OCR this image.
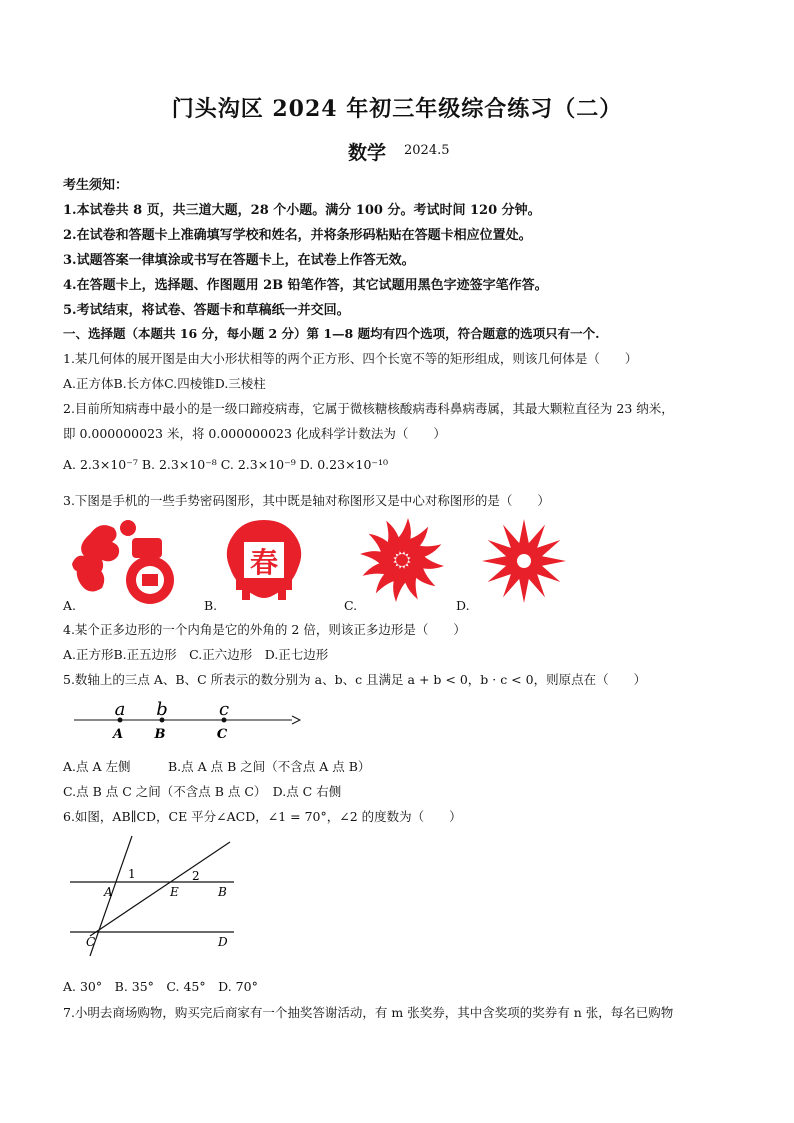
门头沟区 2024 年初三年级综合练习（二）
数学 2024.5
考生须知：
1.本试卷共 8 页，共三道大题，28 个小题。满分 100 分。考试时间 120 分钟。
2.在试卷和答题卡上准确填写学校和姓名，并将条形码粘贴在答题卡相应位置处。
3.试题答案一律填涂或书写在答题卡上，在试卷上作答无效。
4.在答题卡上，选择题、作图题用 2B 铅笔作答，其它试题用黑色字迹签字笔作答。
5.考试结束，将试卷、答题卡和草稿纸一并交回。
一、选择题（本题共 16 分，每小题 2 分）第 1—8 题均有四个选项，符合题意的选项只有一个.
1.某几何体的展开图是由大小形状相等的两个正方形、四个长宽不等的矩形组成，则该几何体是（　　）
A.正方体B.长方体C.四棱锥D.三棱柱
2.目前所知病毒中最小的是一级口蹄疫病毒，它属于微核糖核酸病毒科鼻病毒属，其最大颗粒直径为 23 纳米，
即 0.000000023 米，将 0.000000023 化成科学计数法为（　　）
A. 2.3×10⁻⁷ B. 2.3×10⁻⁸ C. 2.3×10⁻⁹ D. 0.23×10⁻¹⁰
3.下图是手机的一些手势密码图形，其中既是轴对称图形又是中心对称图形的是（　　）
春
A.	B.	C.	D.
4.某个正多边形的一个内角是它的外角的 2 倍，则该正多边形是（　　）
A.正方形B.正五边形　C.正六边形　D.正七边形
5.数轴上的三点 A、B、C 所表示的数分别为 a、b、c 且满足 a + b < 0，b · c < 0，则原点在（　　）
a b	c
A B	C
A.点 A 左侧　　　B.点 A 点 B 之间（不含点 A 点 B）
C.点 B 点 C 之间（不含点 B 点 C）　D.点 C 右侧
6.如图，AB∥CD，CE 平分∠ACD，∠1 = 70°，∠2 的度数为（　　）
1	2
A	E	B
C	D
A. 30°　B. 35°　C. 45°　D. 70°
7.小明去商场购物，购买完后商家有一个抽奖答谢活动，有 m 张奖券，其中含奖项的奖券有 n 张，每名已购物
